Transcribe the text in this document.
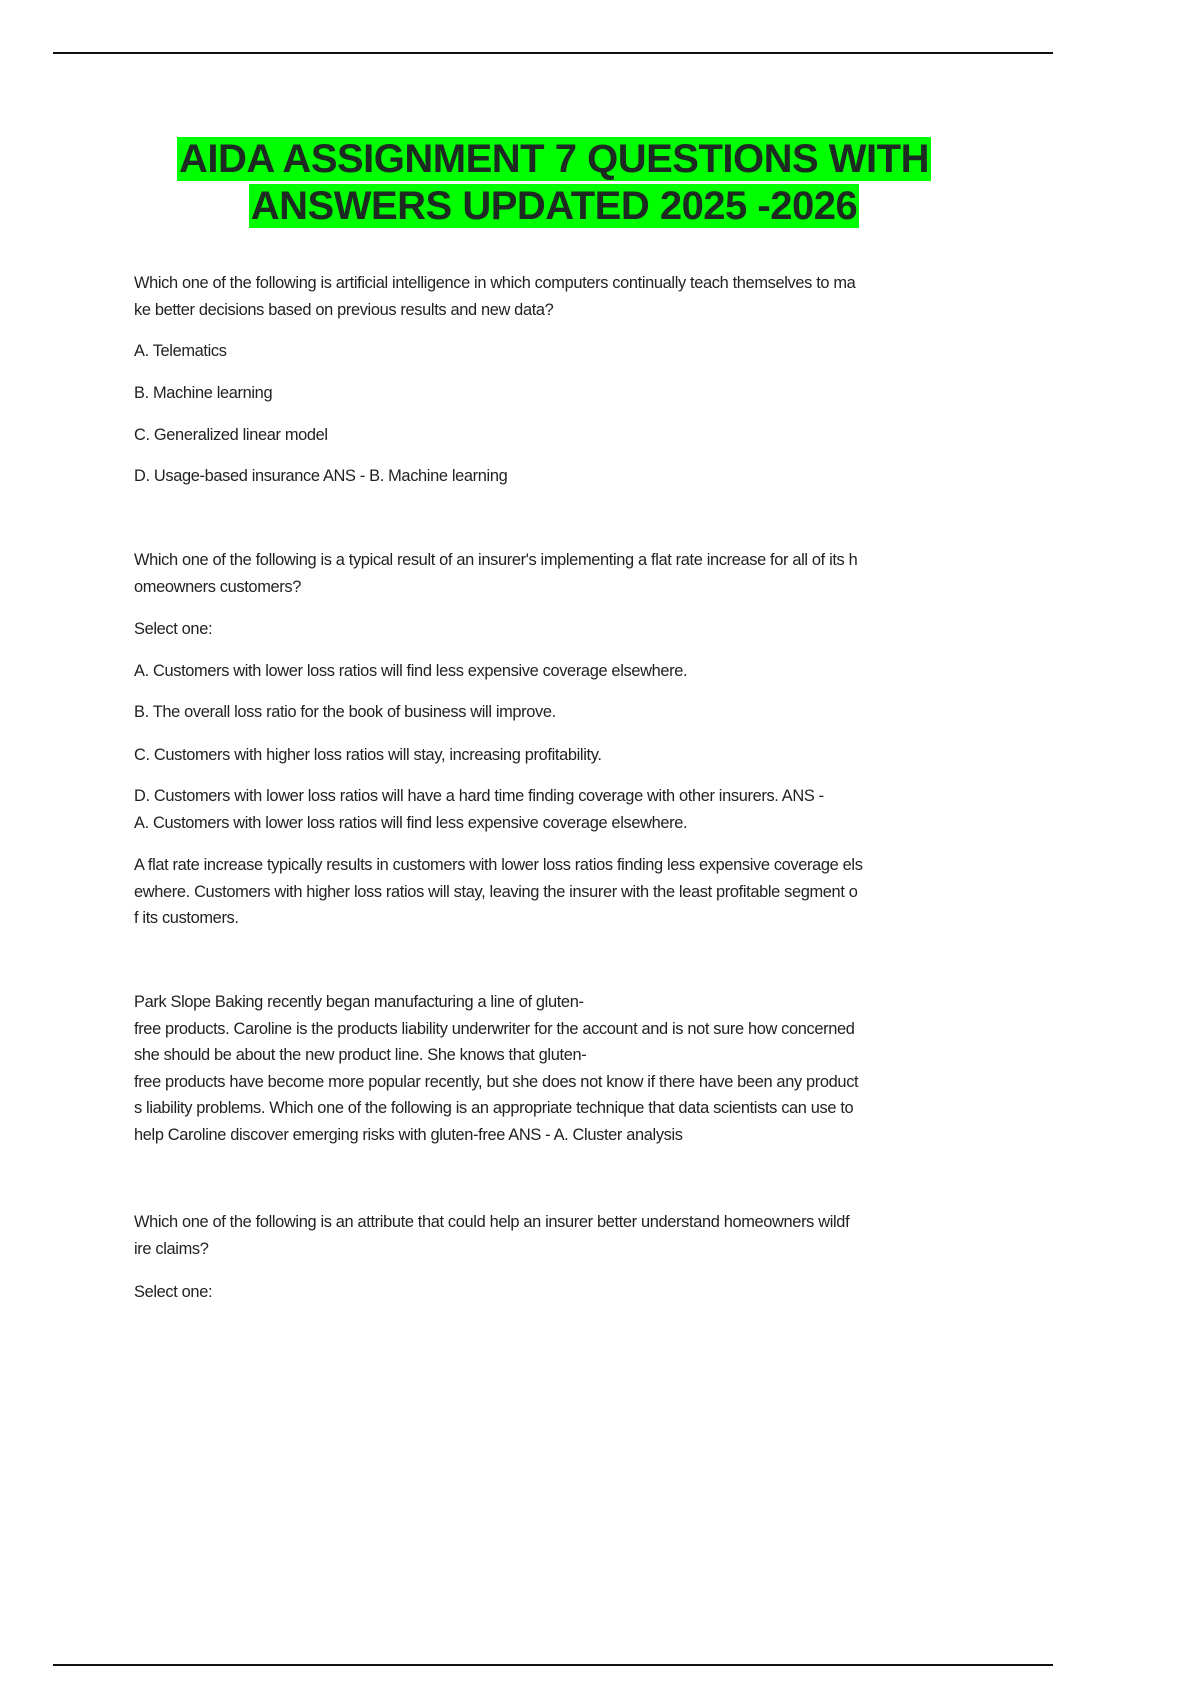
AIDA ASSIGNMENT 7 QUESTIONS WITH
ANSWERS UPDATED 2025 -2026
Which one of the following is artificial intelligence in which computers continually teach themselves to ma
ke better decisions based on previous results and new data?
A. Telematics
B. Machine learning
C. Generalized linear model
D. Usage-based insurance ANS - B. Machine learning
Which one of the following is a typical result of an insurer's implementing a flat rate increase for all of its h
omeowners customers?
Select one:
A. Customers with lower loss ratios will find less expensive coverage elsewhere.
B. The overall loss ratio for the book of business will improve.
C. Customers with higher loss ratios will stay, increasing profitability.
D. Customers with lower loss ratios will have a hard time finding coverage with other insurers. ANS -
A. Customers with lower loss ratios will find less expensive coverage elsewhere.
A flat rate increase typically results in customers with lower loss ratios finding less expensive coverage els
ewhere. Customers with higher loss ratios will stay, leaving the insurer with the least profitable segment o
f its customers.
Park Slope Baking recently began manufacturing a line of gluten-
free products. Caroline is the products liability underwriter for the account and is not sure how concerned
she should be about the new product line. She knows that gluten-
free products have become more popular recently, but she does not know if there have been any product
s liability problems. Which one of the following is an appropriate technique that data scientists can use to
help Caroline discover emerging risks with gluten-free ANS - A. Cluster analysis
Which one of the following is an attribute that could help an insurer better understand homeowners wildf
ire claims?
Select one:
